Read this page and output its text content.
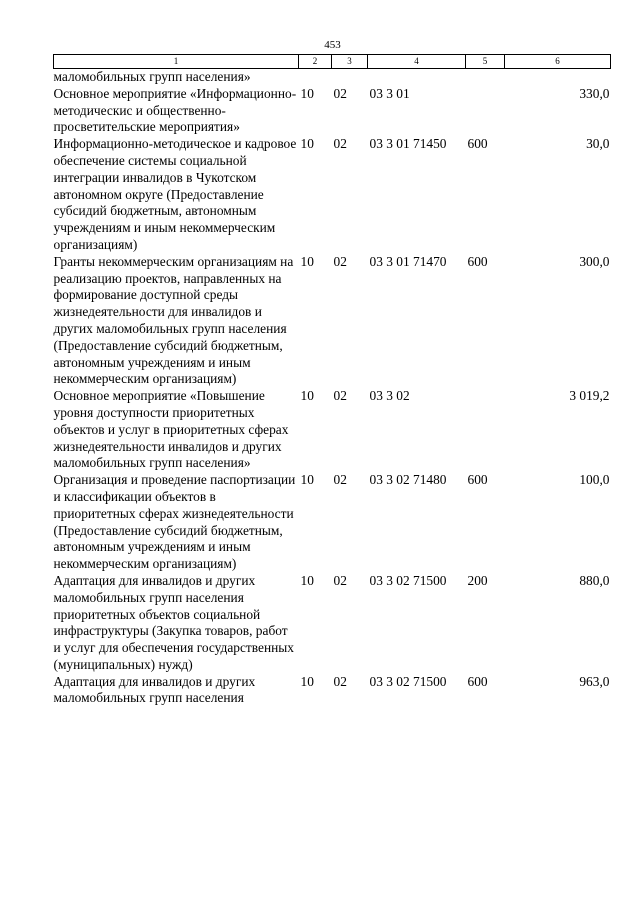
453
1	2	3	4	5	6
маломобильных групп населения»					
Основное мероприятие «Информационно-методическис и общественно-просветительские мероприятия»	10	02	03 3 01		330,0
Информационно-методическое и кадровое обеспечение системы социальной интеграции инвалидов в Чукотском автономном округе (Предоставление субсидий бюджетным, автономным учреждениям и иным некоммерческим организациям)	10	02	03 3 01 71450	600	30,0
Гранты некоммерческим организациям на реализацию проектов, направленных на формирование доступной среды жизнедеятельности для инвалидов и других маломобильных групп населения (Предоставление субсидий бюджетным, автономным учреждениям и иным некоммерческим организациям)	10	02	03 3 01 71470	600	300,0
Основное мероприятие «Повышение уровня доступности приоритетных объектов и услуг в приоритетных сферах жизнедеятельности инвалидов и других маломобильных групп населения»	10	02	03 3 02		3 019,2
Организация и проведение паспортизации и классификации объектов в приоритетных сферах жизнедеятельности (Предоставление субсидий бюджетным, автономным учреждениям и иным некоммерческим организациям)	10	02	03 3 02 71480	600	100,0
Адаптация для инвалидов и других маломобильных групп населения приоритетных объектов социальной инфраструктуры (Закупка товаров, работ и услуг для обеспечения государственных (муниципальных) нужд)	10	02	03 3 02 71500	200	880,0
Адаптация для инвалидов и других маломобильных групп населения	10	02	03 3 02 71500	600	963,0
